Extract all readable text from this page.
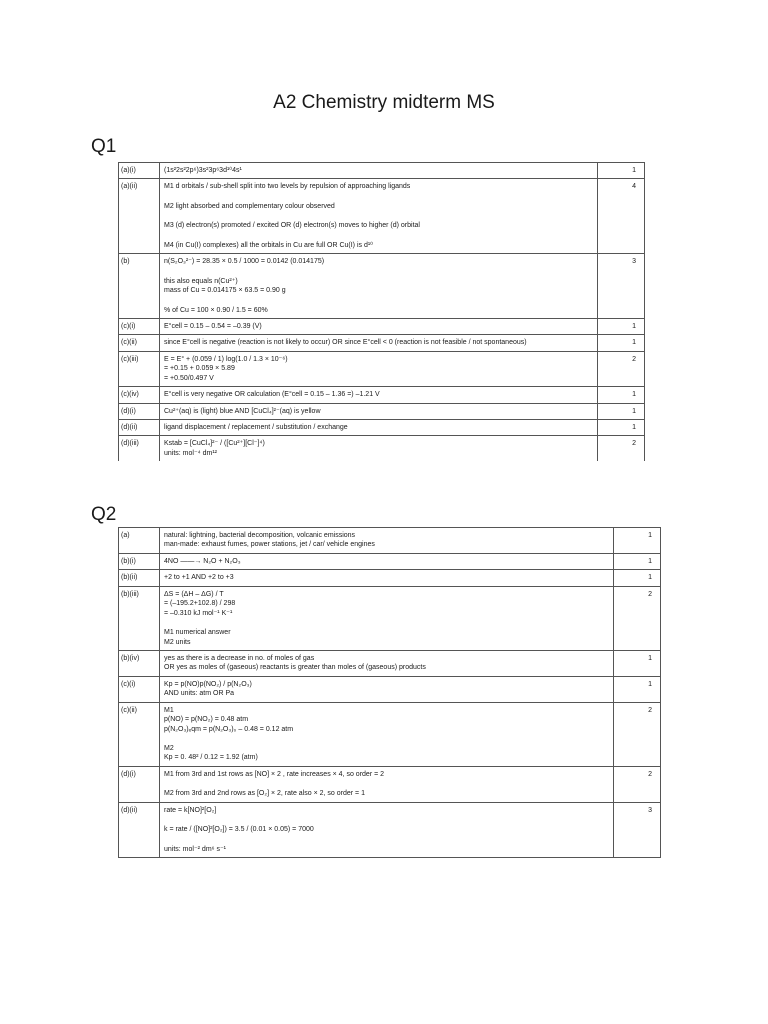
A2 Chemistry midterm MS
Q1
(a)(i)	(1s²2s²2p⁶)3s²3p⁶3d¹⁰4s¹	1
(a)(ii)	M1 d orbitals / sub-shell split into two levels by repulsion of approaching ligands
M2 light absorbed and complementary colour observed
M3 (d) electron(s) promoted / excited OR (d) electron(s) moves to higher (d) orbital
M4 (in Cu(I) complexes) all the orbitals in Cu are full OR Cu(I) is d¹⁰	4
(b)	n(S₂O₃²⁻) = 28.35 × 0.5 / 1000 = 0.0142 (0.014175)
this also equals n(Cu²⁺)
mass of Cu = 0.014175 × 63.5 = 0.90 g
% of Cu = 100 × 0.90 / 1.5 = 60%	3
(c)(i)	E°cell = 0.15 – 0.54 = –0.39 (V)	1
(c)(ii)	since E°cell is negative (reaction is not likely to occur) OR since E°cell < 0 (reaction is not feasible / not spontaneous)	1
(c)(iii)	E = E° + (0.059 / 1) log(1.0 / 1.3 × 10⁻⁶)
= +0.15 + 0.059 × 5.89
= +0.50/0.497 V	2
(c)(iv)	E°cell is very negative OR calculation (E°cell = 0.15 – 1.36 =) –1.21 V	1
(d)(i)	Cu²⁺(aq) is (light) blue AND [CuCl₄]²⁻(aq) is yellow	1
(d)(ii)	ligand displacement / replacement / substitution / exchange	1
(d)(iii)	Kstab = [CuCl₄]²⁻ / ([Cu²⁺][Cl⁻]⁴)
units: mol⁻⁴ dm¹²	2
Q2
(a)	natural: lightning, bacterial decomposition, volcanic emissions
man-made: exhaust fumes, power stations, jet / car/ vehicle engines	1
(b)(i)	4NO ——→ N₂O + N₂O₃	1
(b)(ii)	+2 to +1 AND +2 to +3	1
(b)(iii)	ΔS = (ΔH – ΔG) / T
= (–195.2+102.8) / 298
= –0.310 kJ mol⁻¹ K⁻¹
M1 numerical answer
M2 units	2
(b)(iv)	yes as there is a decrease in no. of moles of gas
OR yes as moles of (gaseous) reactants is greater than moles of (gaseous) products	1
(c)(i)	Kp = p(NO)p(NO₂) / p(N₂O₃)
AND units: atm OR Pa	1
(c)(ii)	M1
p(NO) = p(NO₂) = 0.48 atm
p(N₂O₃)ₑqm = p(N₂O₃)₀ – 0.48 = 0.12 atm
M2
Kp = 0. 48² / 0.12 = 1.92 (atm)	2
(d)(i)	M1 from 3rd and 1st rows as [NO] × 2 , rate increases × 4, so order = 2
M2 from 3rd and 2nd rows as [O₂] × 2, rate also × 2, so order = 1	2
(d)(ii)	rate = k[NO]²[O₂]
k = rate / ([NO]²[O₂]) = 3.5 / (0.01 × 0.05) = 7000
units: mol⁻² dm⁶ s⁻¹	3
